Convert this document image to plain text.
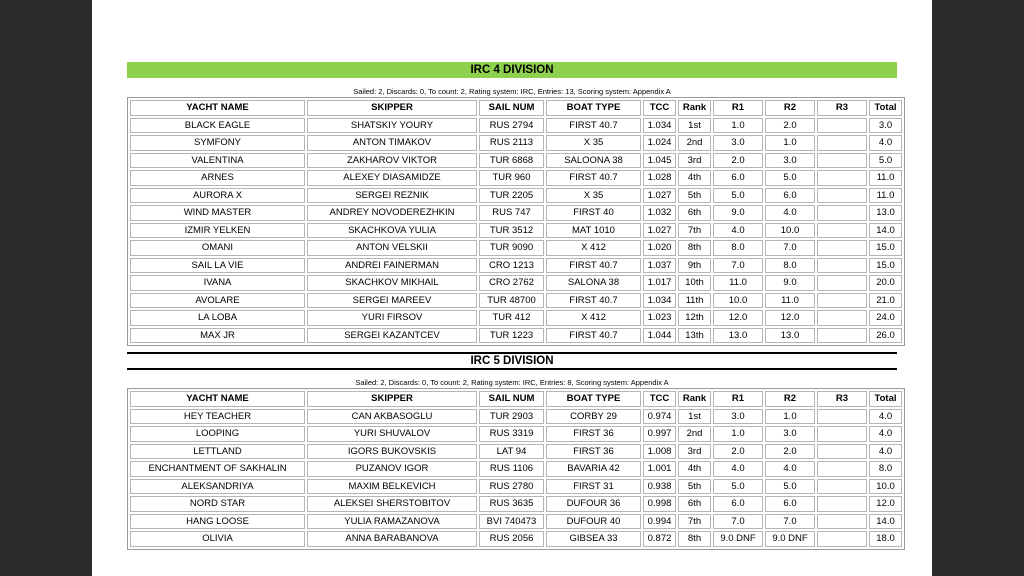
IRC 4 DIVISION
Sailed: 2, Discards: 0, To count: 2, Rating system: IRC, Entries: 13, Scoring system: Appendix A
YACHT NAME	SKIPPER	SAIL NUM	BOAT TYPE	TCC	Rank	R1	R2	R3	Total
BLACK EAGLE	SHATSKIY YOURY	RUS 2794	FIRST 40.7	1.034	1st	1.0	2.0		3.0
SYMFONY	ANTON TIMAKOV	RUS 2113	X 35	1.024	2nd	3.0	1.0		4.0
VALENTINA	ZAKHAROV VIKTOR	TUR 6868	SALOONA 38	1.045	3rd	2.0	3.0		5.0
ARNES	ALEXEY DIASAMIDZE	TUR 960	FIRST 40.7	1.028	4th	6.0	5.0		11.0
AURORA X	SERGEI REZNIK	TUR 2205	X 35	1.027	5th	5.0	6.0		11.0
WIND MASTER	ANDREY NOVODEREZHKIN	RUS 747	FIRST 40	1.032	6th	9.0	4.0		13.0
IZMIR YELKEN	SKACHKOVA YULIA	TUR 3512	MAT 1010	1.027	7th	4.0	10.0		14.0
OMANI	ANTON VELSKII	TUR 9090	X 412	1.020	8th	8.0	7.0		15.0
SAIL LA VIE	ANDREI FAINERMAN	CRO 1213	FIRST 40.7	1.037	9th	7.0	8.0		15.0
IVANA	SKACHKOV MIKHAIL	CRO 2762	SALONA 38	1.017	10th	11.0	9.0		20.0
AVOLARE	SERGEI MAREEV	TUR 48700	FIRST 40.7	1.034	11th	10.0	11.0		21.0
LA LOBA	YURI FIRSOV	TUR 412	X 412	1.023	12th	12.0	12.0		24.0
MAX JR	SERGEI KAZANTCEV	TUR 1223	FIRST 40.7	1.044	13th	13.0	13.0		26.0
IRC 5 DIVISION
Sailed: 2, Discards: 0, To count: 2, Rating system: IRC, Entries: 8, Scoring system: Appendix A
YACHT NAME	SKIPPER	SAIL NUM	BOAT TYPE	TCC	Rank	R1	R2	R3	Total
HEY TEACHER	CAN AKBASOGLU	TUR 2903	CORBY 29	0.974	1st	3.0	1.0		4.0
LOOPING	YURI SHUVALOV	RUS 3319	FIRST 36	0.997	2nd	1.0	3.0		4.0
LETTLAND	IGORS BUKOVSKIS	LAT 94	FIRST 36	1.008	3rd	2.0	2.0		4.0
ENCHANTMENT OF SAKHALIN	PUZANOV IGOR	RUS 1106	BAVARIA 42	1.001	4th	4.0	4.0		8.0
ALEKSANDRIYA	MAXIM BELKEVICH	RUS 2780	FIRST 31	0.938	5th	5.0	5.0		10.0
NORD STAR	ALEKSEI SHERSTOBITOV	RUS 3635	DUFOUR 36	0.998	6th	6.0	6.0		12.0
HANG LOOSE	YULIA RAMAZANOVA	BVI 740473	DUFOUR 40	0.994	7th	7.0	7.0		14.0
OLIVIA	ANNA BARABANOVA	RUS 2056	GIBSEA 33	0.872	8th	9.0 DNF	9.0 DNF		18.0
